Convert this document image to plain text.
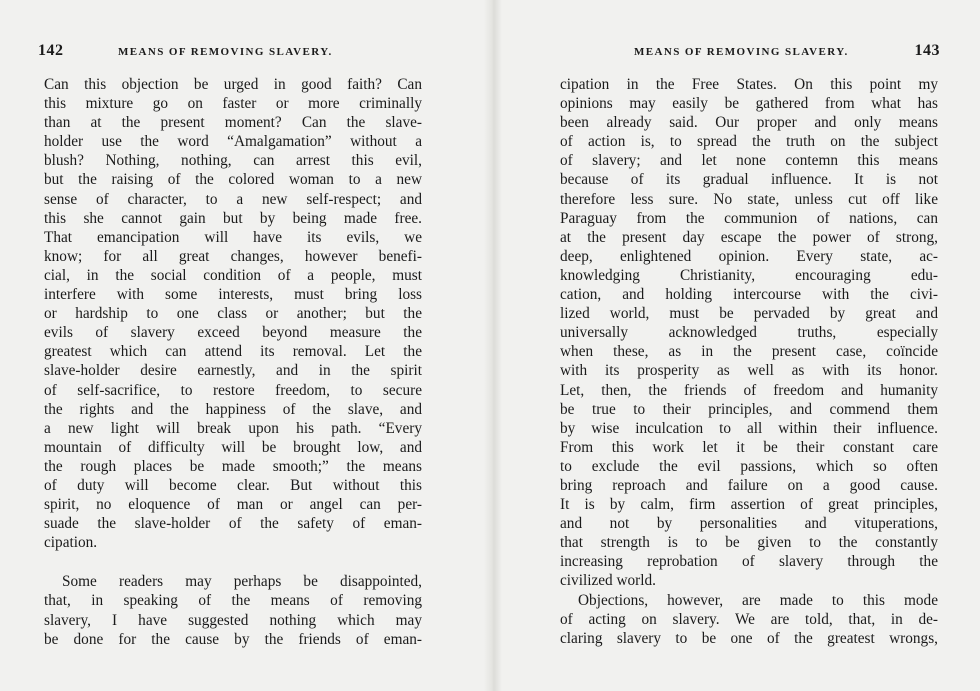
142	MEANS OF REMOVING SLAVERY.
Can this objection be urged in good faith? Can
this mixture go on faster or more criminally
than at the present moment? Can the slave-
holder use the word “Amalgamation” without a
blush? Nothing, nothing, can arrest this evil,
but the raising of the colored woman to a new
sense of character, to a new self-respect; and
this she cannot gain but by being made free.
That emancipation will have its evils, we
know; for all great changes, however benefi-
cial, in the social condition of a people, must
interfere with some interests, must bring loss
or hardship to one class or another; but the
evils of slavery exceed beyond measure the
greatest which can attend its removal. Let the
slave-holder desire earnestly, and in the spirit
of self-sacrifice, to restore freedom, to secure
the rights and the happiness of the slave, and
a new light will break upon his path. “Every
mountain of difficulty will be brought low, and
the rough places be made smooth;” the means
of duty will become clear. But without this
spirit, no eloquence of man or angel can per-
suade the slave-holder of the safety of eman-
cipation.
Some readers may perhaps be disappointed,
that, in speaking of the means of removing
slavery, I have suggested nothing which may
be done for the cause by the friends of eman-
MEANS OF REMOVING SLAVERY.	143
cipation in the Free States. On this point my
opinions may easily be gathered from what has
been already said. Our proper and only means
of action is, to spread the truth on the subject
of slavery; and let none contemn this means
because of its gradual influence. It is not
therefore less sure. No state, unless cut off like
Paraguay from the communion of nations, can
at the present day escape the power of strong,
deep, enlightened opinion. Every state, ac-
knowledging Christianity, encouraging edu-
cation, and holding intercourse with the civi-
lized world, must be pervaded by great and
universally acknowledged truths, especially
when these, as in the present case, coïncide
with its prosperity as well as with its honor.
Let, then, the friends of freedom and humanity
be true to their principles, and commend them
by wise inculcation to all within their influence.
From this work let it be their constant care
to exclude the evil passions, which so often
bring reproach and failure on a good cause.
It is by calm, firm assertion of great principles,
and not by personalities and vituperations,
that strength is to be given to the constantly
increasing reprobation of slavery through the
civilized world.
Objections, however, are made to this mode
of acting on slavery. We are told, that, in de-
claring slavery to be one of the greatest wrongs,
